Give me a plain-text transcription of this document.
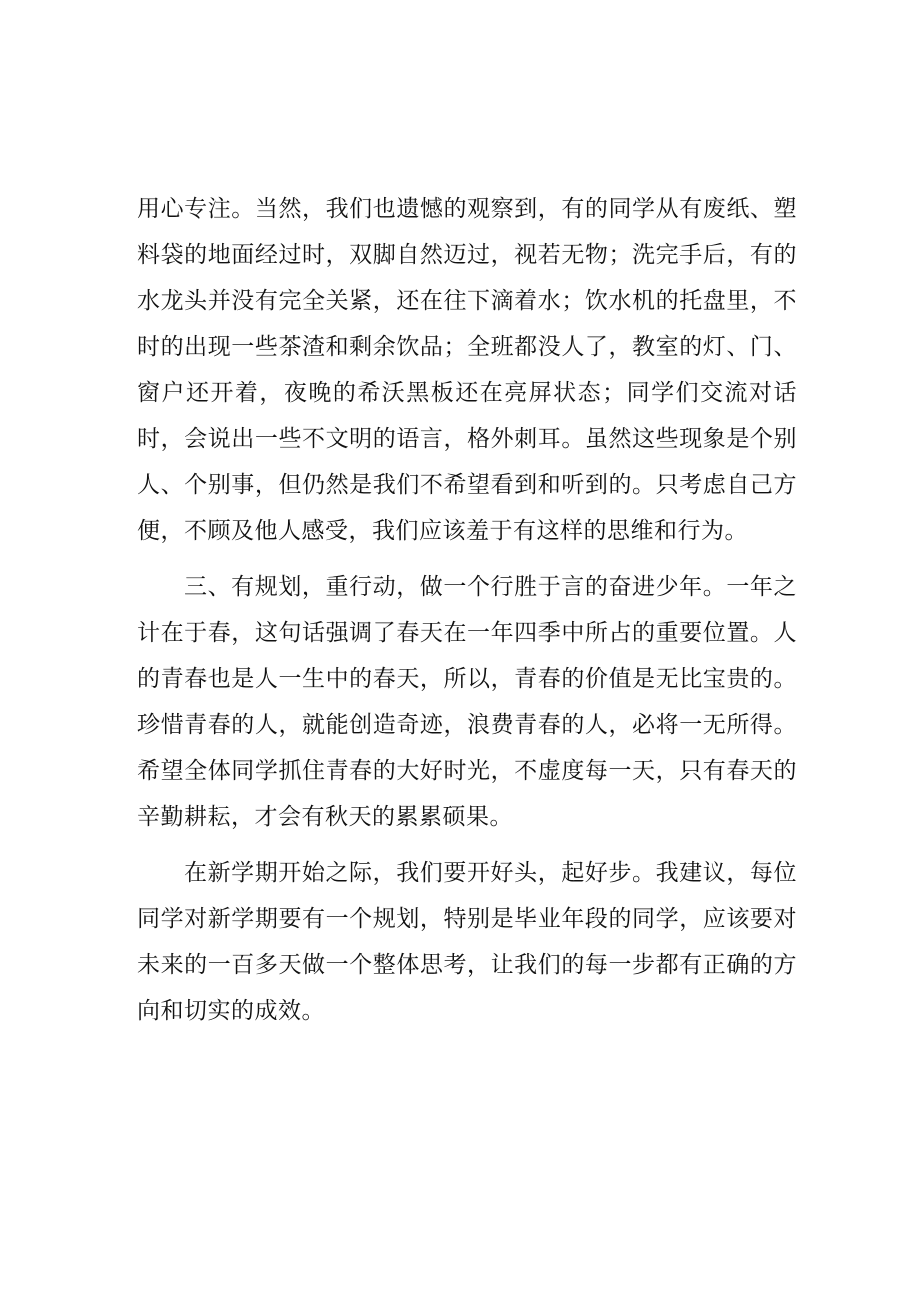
用心专注。当然，我们也遗憾的观察到，有的同学从有废纸、塑料袋的地面经过时，双脚自然迈过，视若无物；洗完手后，有的水龙头并没有完全关紧，还在往下滴着水；饮水机的托盘里，不时的出现一些茶渣和剩余饮品；全班都没人了，教室的灯、门、窗户还开着，夜晚的希沃黑板还在亮屏状态；同学们交流对话时，会说出一些不文明的语言，格外刺耳。虽然这些现象是个别人、个别事，但仍然是我们不希望看到和听到的。只考虑自己方便，不顾及他人感受，我们应该羞于有这样的思维和行为。

三、有规划，重行动，做一个行胜于言的奋进少年。一年之计在于春，这句话强调了春天在一年四季中所占的重要位置。人的青春也是人一生中的春天，所以，青春的价值是无比宝贵的。珍惜青春的人，就能创造奇迹，浪费青春的人，必将一无所得。希望全体同学抓住青春的大好时光，不虚度每一天，只有春天的辛勤耕耘，才会有秋天的累累硕果。

在新学期开始之际，我们要开好头，起好步。我建议，每位同学对新学期要有一个规划，特别是毕业年段的同学，应该要对未来的一百多天做一个整体思考，让我们的每一步都有正确的方向和切实的成效。
